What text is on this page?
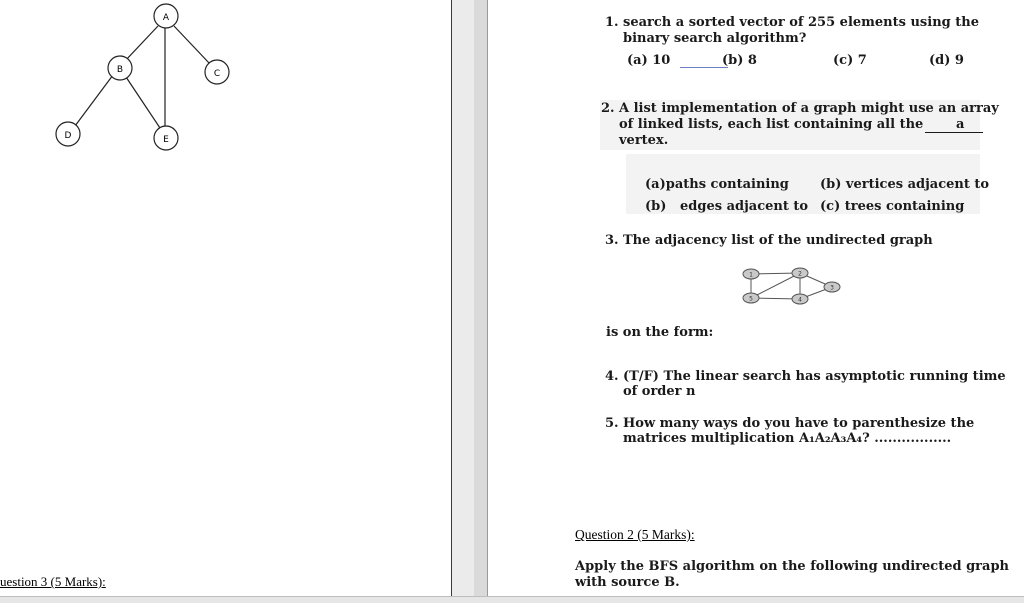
A
B	C
D	E
uestion 3 (5 Marks):
1. search a sorted vector of 255 elements using the
binary search algorithm?
(a) 10	(b) 8	(c) 7	(d) 9
2. A list implementation of a graph might use an array
of linked lists, each list containing all the	a
vertex.
(a)paths containing (b) vertices adjacent to
(b) edges adjacent to (c) trees containing
3. The adjacency list of the undirected graph
1	2
3
4
5
is on the form:
4. (T/F) The linear search has asymptotic running time
of order n
5. How many ways do you have to parenthesize the
matrices multiplication A₁A₂A₃A₄? .................
Question 2 (5 Marks):
Apply the BFS algorithm on the following undirected graph
with source B.
